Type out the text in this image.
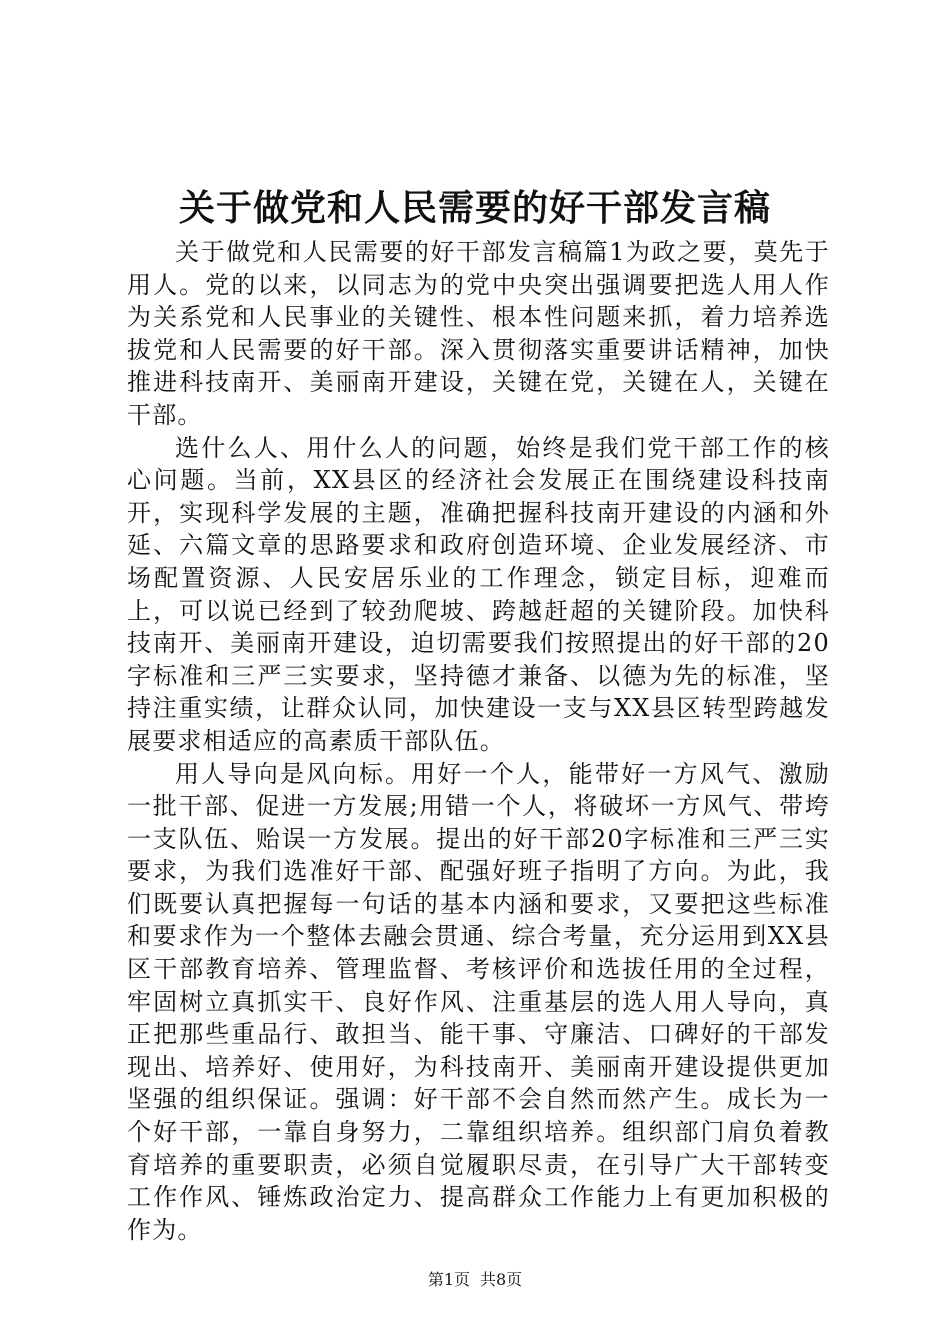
关于做党和人民需要的好干部发言稿

关于做党和人民需要的好干部发言稿篇1为政之要，莫先于用人。党的以来，以同志为的党中央突出强调要把选人用人作为关系党和人民事业的关键性、根本性问题来抓，着力培养选拔党和人民需要的好干部。深入贯彻落实重要讲话精神，加快推进科技南开、美丽南开建设，关键在党，关键在人，关键在干部。

选什么人、用什么人的问题，始终是我们党干部工作的核心问题。当前，XX县区的经济社会发展正在围绕建设科技南开，实现科学发展的主题，准确把握科技南开建设的内涵和外延、六篇文章的思路要求和政府创造环境、企业发展经济、市场配置资源、人民安居乐业的工作理念，锁定目标，迎难而上，可以说已经到了较劲爬坡、跨越赶超的关键阶段。加快科技南开、美丽南开建设，迫切需要我们按照提出的好干部的20字标准和三严三实要求，坚持德才兼备、以德为先的标准，坚持注重实绩，让群众认同，加快建设一支与XX县区转型跨越发展要求相适应的高素质干部队伍。

用人导向是风向标。用好一个人，能带好一方风气、激励一批干部、促进一方发展;用错一个人，将破坏一方风气、带垮一支队伍、贻误一方发展。提出的好干部20字标准和三严三实要求，为我们选准好干部、配强好班子指明了方向。为此，我们既要认真把握每一句话的基本内涵和要求，又要把这些标准和要求作为一个整体去融会贯通、综合考量，充分运用到XX县区干部教育培养、管理监督、考核评价和选拔任用的全过程，牢固树立真抓实干、良好作风、注重基层的选人用人导向，真正把那些重品行、敢担当、能干事、守廉洁、口碑好的干部发现出、培养好、使用好，为科技南开、美丽南开建设提供更加坚强的组织保证。强调：好干部不会自然而然产生。成长为一个好干部，一靠自身努力，二靠组织培养。组织部门肩负着教育培养的重要职责，必须自觉履职尽责，在引导广大干部转变工作作风、锤炼政治定力、提高群众工作能力上有更加积极的作为。

第1页 共8页
